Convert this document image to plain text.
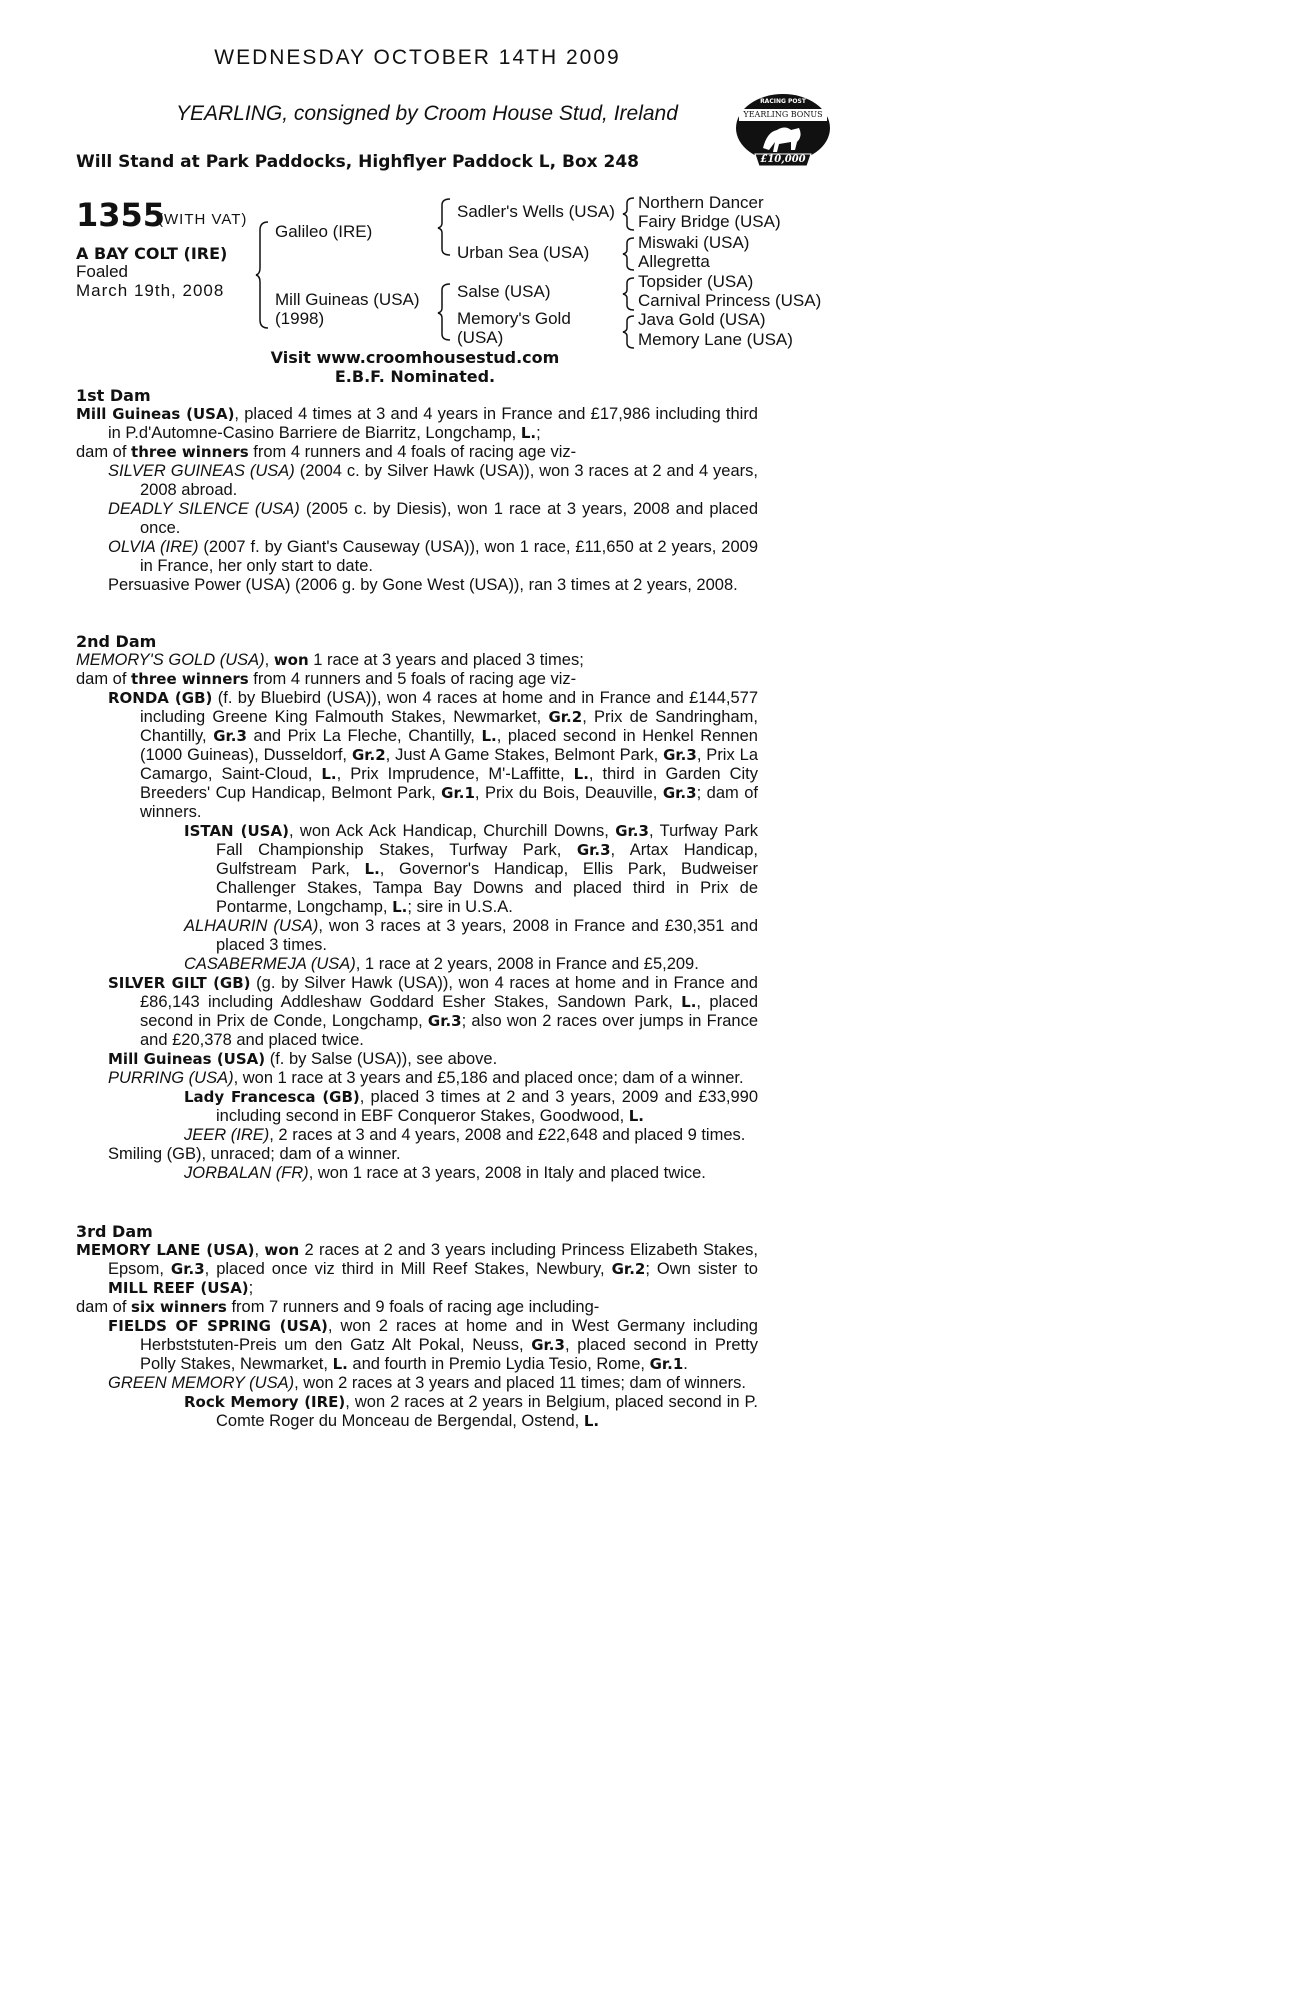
WEDNESDAY OCTOBER 14TH 2009
YEARLING, consigned by Croom House Stud, Ireland
Will Stand at Park Paddocks, Highflyer Paddock L, Box 248
RACING POST
YEARLING BONUS
£10,000
1355
(WITH VAT)
A BAY COLT (IRE)
Foaled
March 19th, 2008
Galileo (IRE)
Mill Guineas (USA)
(1998)
Sadler's Wells (USA)
Urban Sea (USA)
Salse (USA)
Memory's Gold
(USA)
Northern Dancer
Fairy Bridge (USA)
Miswaki (USA)
Allegretta
Topsider (USA)
Carnival Princess (USA)
Java Gold (USA)
Memory Lane (USA)
Visit www.croomhousestud.com
E.B.F. Nominated.

1st Dam

Mill Guineas (USA), placed 4 times at 3 and 4 years in France and £17,986 including third in P.d'Automne-Casino Barriere de Biarritz, Longchamp, L.;

dam of three winners from 4 runners and 4 foals of racing age viz-

SILVER GUINEAS (USA) (2004 c. by Silver Hawk (USA)), won 3 races at 2 and 4 years, 2008 abroad.

DEADLY SILENCE (USA) (2005 c. by Diesis), won 1 race at 3 years, 2008 and placed once.

OLVIA (IRE) (2007 f. by Giant's Causeway (USA)), won 1 race, £11,650 at 2 years, 2009 in France, her only start to date.

Persuasive Power (USA) (2006 g. by Gone West (USA)), ran 3 times at 2 years, 2008.

2nd Dam

MEMORY'S GOLD (USA), won 1 race at 3 years and placed 3 times;

dam of three winners from 4 runners and 5 foals of racing age viz-

RONDA (GB) (f. by Bluebird (USA)), won 4 races at home and in France and £144,577 including Greene King Falmouth Stakes, Newmarket, Gr.2, Prix de Sandringham, Chantilly, Gr.3 and Prix La Fleche, Chantilly, L., placed second in Henkel Rennen (1000 Guineas), Dusseldorf, Gr.2, Just A Game Stakes, Belmont Park, Gr.3, Prix La Camargo, Saint-Cloud, L., Prix Imprudence, M'-Laffitte, L., third in Garden City Breeders' Cup Handicap, Belmont Park, Gr.1, Prix du Bois, Deauville, Gr.3; dam of winners.

ISTAN (USA), won Ack Ack Handicap, Churchill Downs, Gr.3, Turfway Park Fall Championship Stakes, Turfway Park, Gr.3, Artax Handicap, Gulfstream Park, L., Governor's Handicap, Ellis Park, Budweiser Challenger Stakes, Tampa Bay Downs and placed third in Prix de Pontarme, Longchamp, L.; sire in U.S.A.

ALHAURIN (USA), won 3 races at 3 years, 2008 in France and £30,351 and placed 3 times.

CASABERMEJA (USA), 1 race at 2 years, 2008 in France and £5,209.

SILVER GILT (GB) (g. by Silver Hawk (USA)), won 4 races at home and in France and £86,143 including Addleshaw Goddard Esher Stakes, Sandown Park, L., placed second in Prix de Conde, Longchamp, Gr.3; also won 2 races over jumps in France and £20,378 and placed twice.

Mill Guineas (USA) (f. by Salse (USA)), see above.

PURRING (USA), won 1 race at 3 years and £5,186 and placed once; dam of a winner.

Lady Francesca (GB), placed 3 times at 2 and 3 years, 2009 and £33,990 including second in EBF Conqueror Stakes, Goodwood, L.

JEER (IRE), 2 races at 3 and 4 years, 2008 and £22,648 and placed 9 times.

Smiling (GB), unraced; dam of a winner.

JORBALAN (FR), won 1 race at 3 years, 2008 in Italy and placed twice.

3rd Dam

MEMORY LANE (USA), won 2 races at 2 and 3 years including Princess Elizabeth Stakes, Epsom, Gr.3, placed once viz third in Mill Reef Stakes, Newbury, Gr.2; Own sister to MILL REEF (USA);

dam of six winners from 7 runners and 9 foals of racing age including-

FIELDS OF SPRING (USA), won 2 races at home and in West Germany including Herbststuten-Preis um den Gatz Alt Pokal, Neuss, Gr.3, placed second in Pretty Polly Stakes, Newmarket, L. and fourth in Premio Lydia Tesio, Rome, Gr.1.

GREEN MEMORY (USA), won 2 races at 3 years and placed 11 times; dam of winners.

Rock Memory (IRE), won 2 races at 2 years in Belgium, placed second in P. Comte Roger du Monceau de Bergendal, Ostend, L.
